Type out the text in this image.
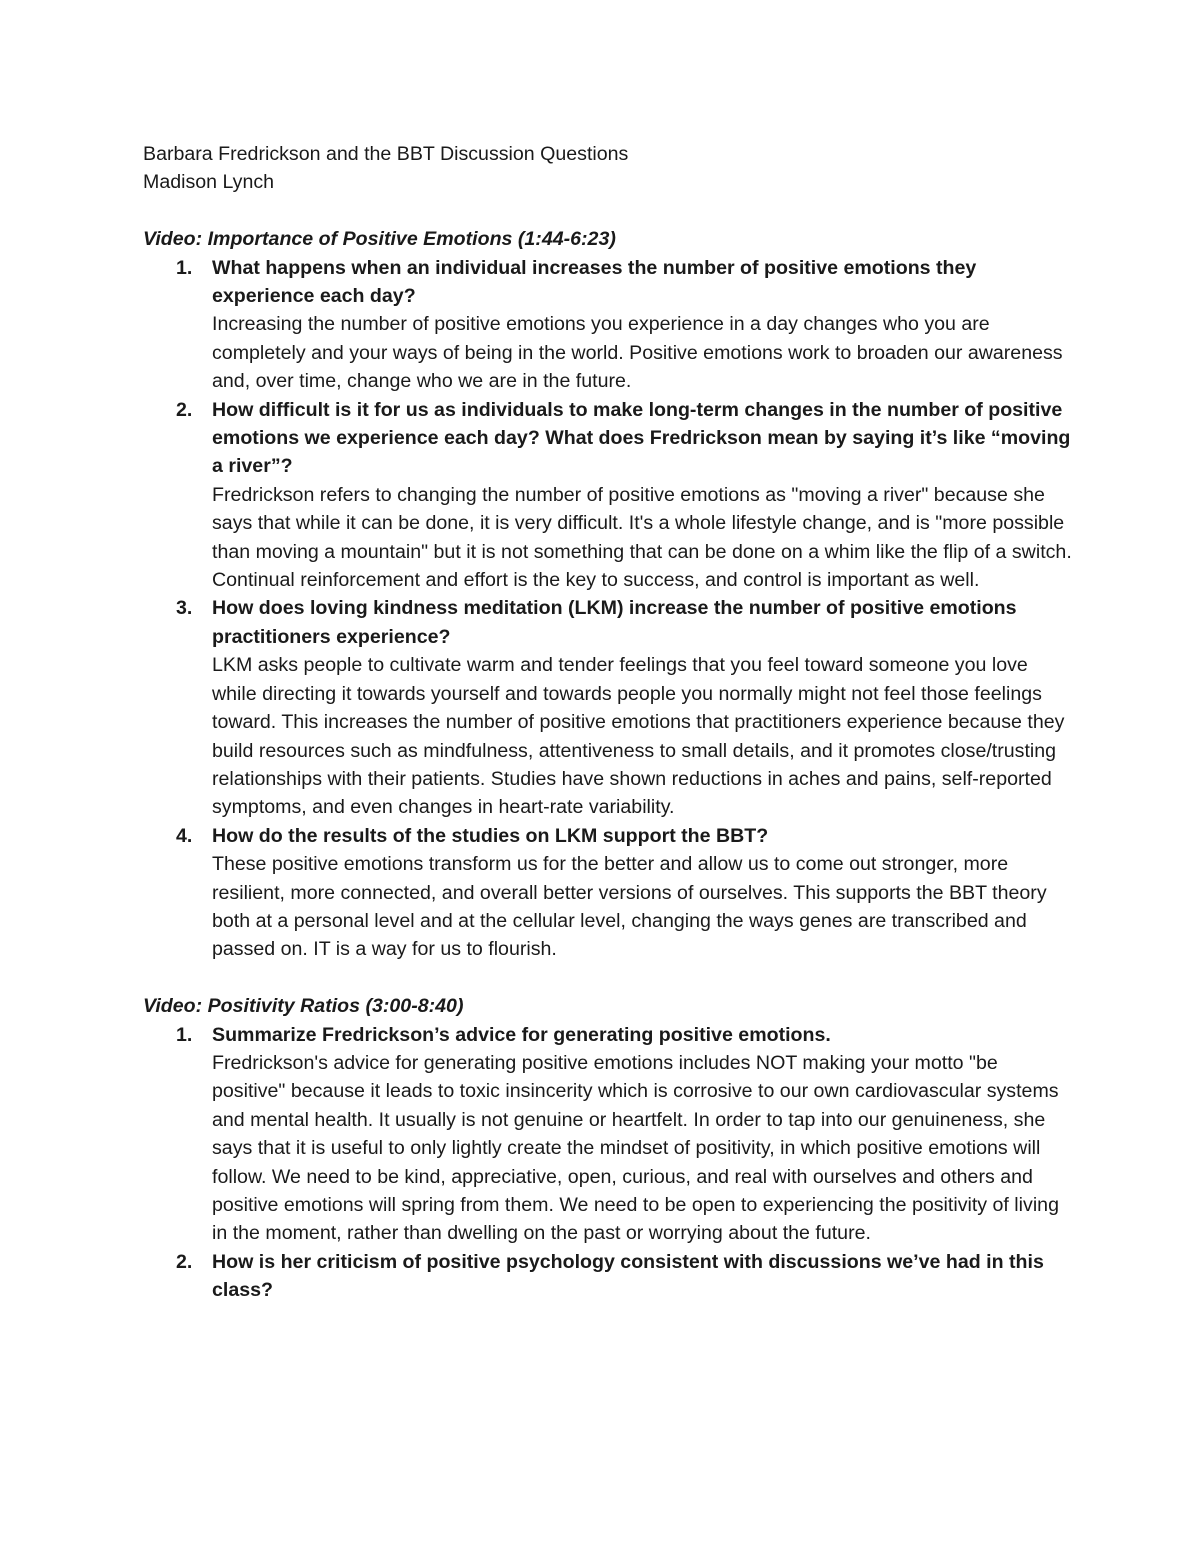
Barbara Fredrickson and the BBT Discussion Questions

Madison Lynch

Video: Importance of Positive Emotions (1:44-6:23)

1. What happens when an individual increases the number of positive emotions they experience each day?

Increasing the number of positive emotions you experience in a day changes who you are completely and your ways of being in the world. Positive emotions work to broaden our awareness and, over time, change who we are in the future.

2. How difficult is it for us as individuals to make long-term changes in the number of positive emotions we experience each day? What does Fredrickson mean by saying it’s like “moving a river”?

Fredrickson refers to changing the number of positive emotions as "moving a river" because she says that while it can be done, it is very difficult. It's a whole lifestyle change, and is "more possible than moving a mountain" but it is not something that can be done on a whim like the flip of a switch. Continual reinforcement and effort is the key to success, and control is important as well.

3. How does loving kindness meditation (LKM) increase the number of positive emotions practitioners experience?

LKM asks people to cultivate warm and tender feelings that you feel toward someone you love while directing it towards yourself and towards people you normally might not feel those feelings toward. This increases the number of positive emotions that practitioners experience because they build resources such as mindfulness, attentiveness to small details, and it promotes close/trusting relationships with their patients. Studies have shown reductions in aches and pains, self-reported symptoms, and even changes in heart-rate variability.

4. How do the results of the studies on LKM support the BBT?

These positive emotions transform us for the better and allow us to come out stronger, more resilient, more connected, and overall better versions of ourselves. This supports the BBT theory both at a personal level and at the cellular level, changing the ways genes are transcribed and passed on. IT is a way for us to flourish.

Video: Positivity Ratios (3:00-8:40)

1. Summarize Fredrickson’s advice for generating positive emotions.

Fredrickson's advice for generating positive emotions includes NOT making your motto "be positive" because it leads to toxic insincerity which is corrosive to our own cardiovascular systems and mental health. It usually is not genuine or heartfelt. In order to tap into our genuineness, she says that it is useful to only lightly create the mindset of positivity, in which positive emotions will follow. We need to be kind, appreciative, open, curious, and real with ourselves and others and positive emotions will spring from them. We need to be open to experiencing the positivity of living in the moment, rather than dwelling on the past or worrying about the future.

2. How is her criticism of positive psychology consistent with discussions we’ve had in this class?
